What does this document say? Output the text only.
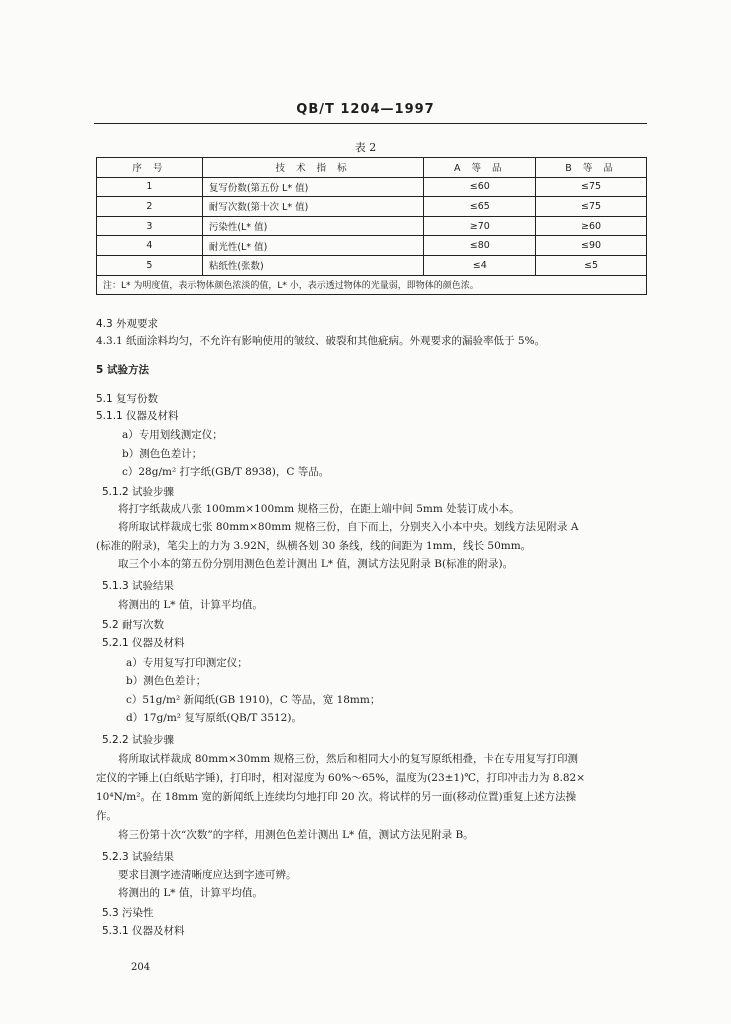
QB/T 1204—1997
表 2
序 号	技 术 指 标	A 等 品	B 等 品
1	复写份数(第五份 L* 值)	≤60	≤75
2	耐写次数(第十次 L* 值)	≤65	≤75
3	污染性(L* 值)	≥70	≥60
4	耐光性(L* 值)	≤80	≤90
5	粘纸性(张数)	≤4	≤5
注：L* 为明度值，表示物体颜色浓淡的值，L* 小，表示透过物体的光量弱，即物体的颜色浓。			
4.3 外观要求
4.3.1 纸面涂料均匀，不允许有影响使用的皱纹、破裂和其他疵病。外观要求的漏验率低于 5%。
5 试验方法
5.1 复写份数
5.1.1 仪器及材料
a）专用划线测定仪；
b）测色色差计；
c）28g/m² 打字纸(GB/T 8938)，C 等品。
5.1.2 试验步骤
将打字纸裁成八张 100mm×100mm 规格三份，在距上端中间 5mm 处装订成小本。
将所取试样裁成七张 80mm×80mm 规格三份，自下而上，分别夹入小本中央。划线方法见附录 A
(标准的附录)，笔尖上的力为 3.92N，纵横各划 30 条线，线的间距为 1mm，线长 50mm。
取三个小本的第五份分别用测色色差计测出 L* 值，测试方法见附录 B(标准的附录)。
5.1.3 试验结果
将测出的 L* 值，计算平均值。
5.2 耐写次数
5.2.1 仪器及材料
a）专用复写打印测定仪；
b）测色色差计；
c）51g/m² 新闻纸(GB 1910)，C 等品，宽 18mm；
d）17g/m² 复写原纸(QB/T 3512)。
5.2.2 试验步骤
将所取试样裁成 80mm×30mm 规格三份，然后和相同大小的复写原纸相叠，卡在专用复写打印测
定仪的字锤上(白纸贴字锤)，打印时，相对湿度为 60%～65%，温度为(23±1)℃，打印冲击力为 8.82×
10⁴N/m²。在 18mm 宽的新闻纸上连续均匀地打印 20 次。将试样的另一面(移动位置)重复上述方法操
作。
将三份第十次“次数”的字样，用测色色差计测出 L* 值，测试方法见附录 B。
5.2.3 试验结果
要求目测字迹清晰度应达到字迹可辨。
将测出的 L* 值，计算平均值。
5.3 污染性
5.3.1 仪器及材料
204
